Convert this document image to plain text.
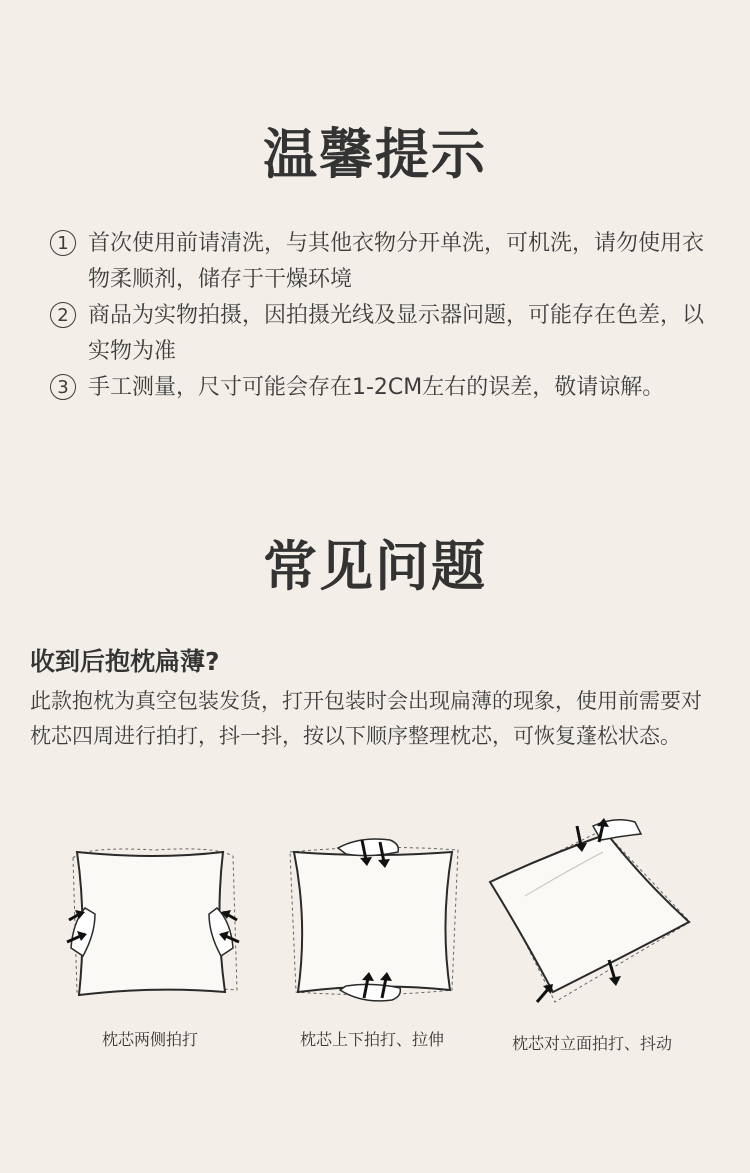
温馨提示
1 首次使用前请清洗，与其他衣物分开单洗，可机洗，请勿使用衣物柔顺剂，储存于干燥环境
2 商品为实物拍摄，因拍摄光线及显示器问题，可能存在色差，以实物为准
3 手工测量，尺寸可能会存在1-2CM左右的误差，敬请谅解。
常见问题
收到后抱枕扁薄?
此款抱枕为真空包装发货，打开包装时会出现扁薄的现象，使用前需要对枕芯四周进行拍打，抖一抖，按以下顺序整理枕芯，可恢复蓬松状态。
枕芯两侧拍打	枕芯上下拍打、拉伸	枕芯对立面拍打、抖动
